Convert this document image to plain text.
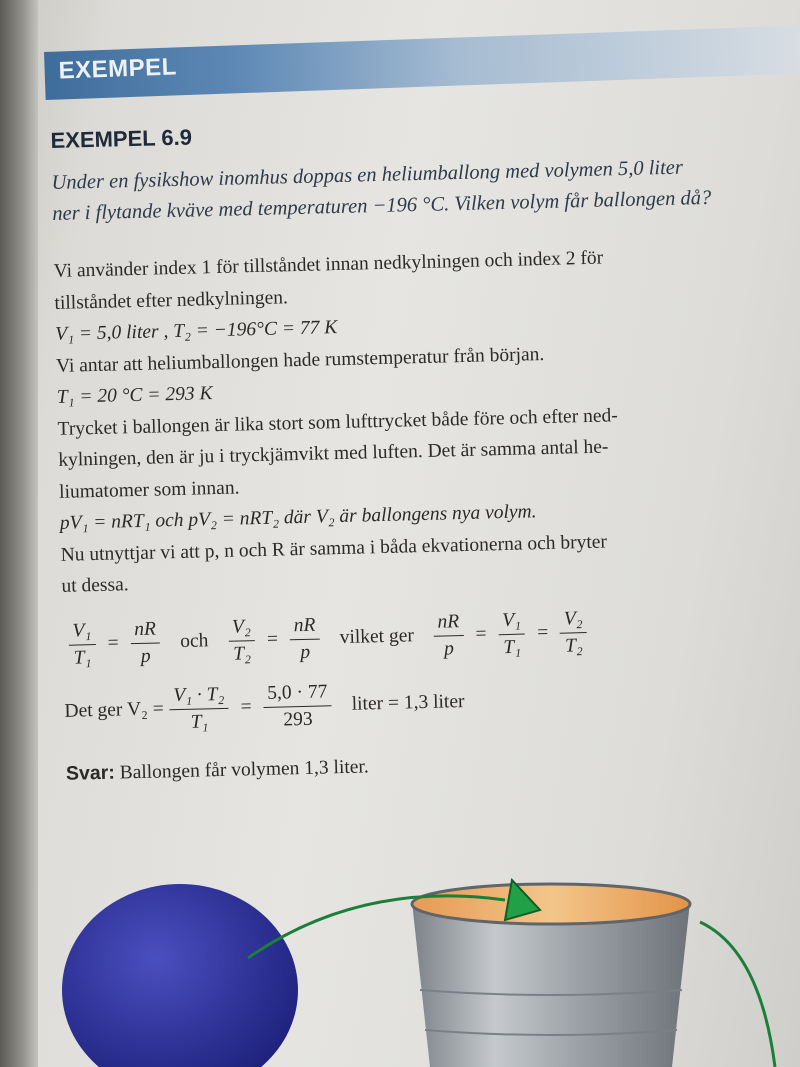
EXEMPEL
EXEMPEL 6.9
Under en fysikshow inomhus doppas en heliumballong med volymen 5,0 liter
ner i flytande kväve med temperaturen −196 °C. Vilken volym får ballongen då?
Vi använder index 1 för tillståndet innan nedkylningen och index 2 för
tillståndet efter nedkylningen.
V₁ = 5,0 liter , T₂ = −196°C = 77 K
Vi antar att heliumballongen hade rumstemperatur från början.
T₁ = 20 °C = 293 K
Trycket i ballongen är lika stort som lufttrycket både före och efter ned-
kylningen, den är ju i tryckjämvikt med luften. Det är samma antal he-
liumatomer som innan.
pV₁ = nRT₁ och pV₂ = nRT₂ där V₂ är ballongens nya volym.
Nu utnyttjar vi att p, n och R är samma i båda ekvationerna och bryter
ut dessa.
$\frac{\text{V₁}}{\text{T₁}} = \frac{nR}{p}$ och $\frac{\text{V₂}}{\text{T₂}} = \frac{nR}{p}$ vilket ger $\frac{nR}{p} = \frac{\text{V₁}}{\text{T₁}} = \frac{\text{V₂}}{\text{T₂}}$
Det ger $V_2 = \frac{\text{V₁ · T₂}}{\text{T₁}} = \frac{5,0 \cdot 77}{293}$ liter = 1,3 liter
Svar: Ballongen får volymen 1,3 liter.
